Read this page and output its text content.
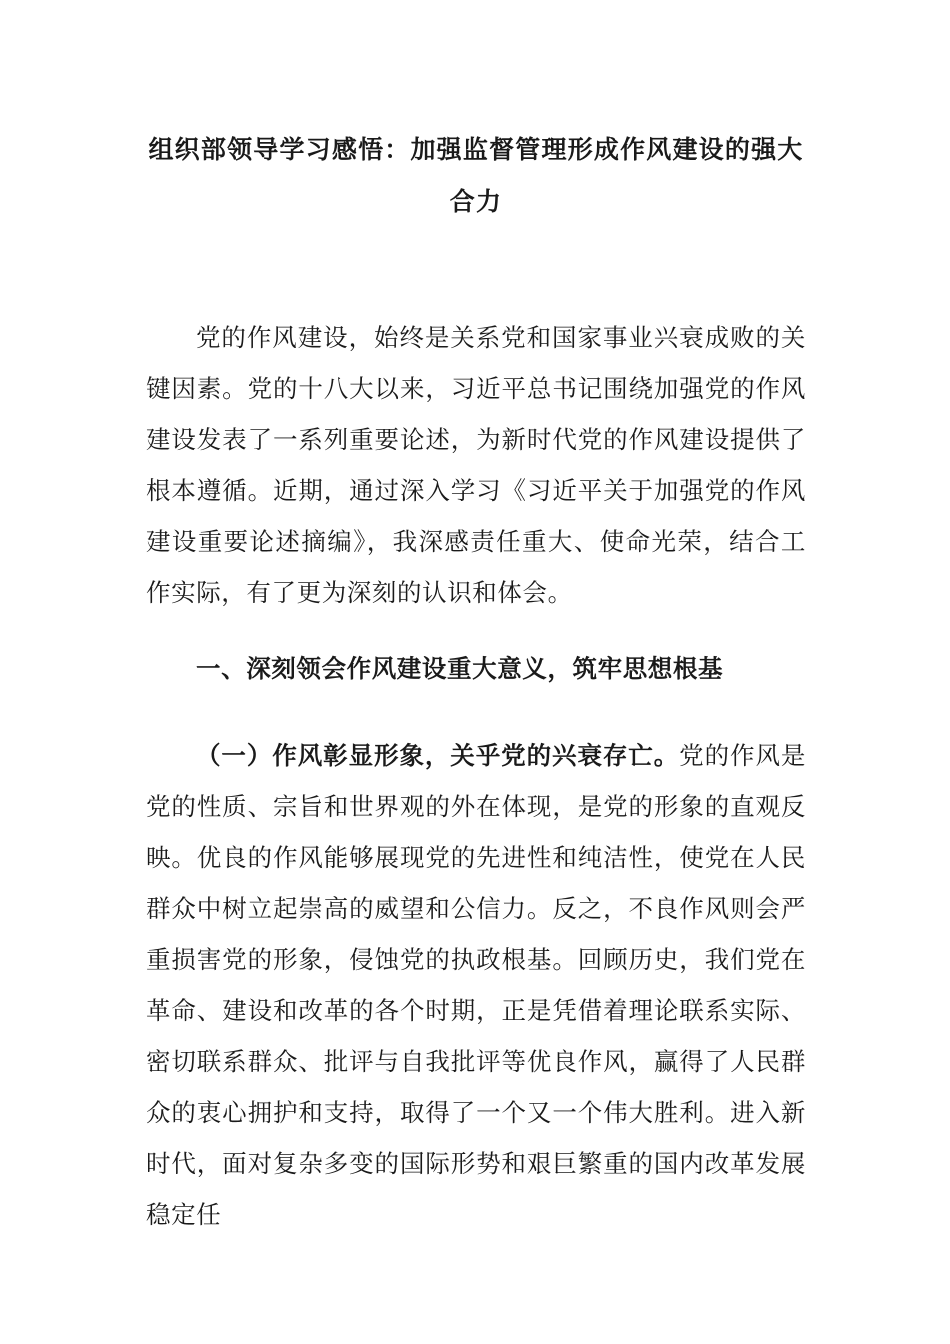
组织部领导学习感悟：加强监督管理形成作风建设的强大合力

党的作风建设，始终是关系党和国家事业兴衰成败的关键因素。党的十八大以来，习近平总书记围绕加强党的作风建设发表了一系列重要论述，为新时代党的作风建设提供了根本遵循。近期，通过深入学习《习近平关于加强党的作风建设重要论述摘编》，我深感责任重大、使命光荣，结合工作实际，有了更为深刻的认识和体会。

一、深刻领会作风建设重大意义，筑牢思想根基

（一）作风彰显形象，关乎党的兴衰存亡。党的作风是党的性质、宗旨和世界观的外在体现，是党的形象的直观反映。优良的作风能够展现党的先进性和纯洁性，使党在人民群众中树立起崇高的威望和公信力。反之，不良作风则会严重损害党的形象，侵蚀党的执政根基。回顾历史，我们党在革命、建设和改革的各个时期，正是凭借着理论联系实际、密切联系群众、批评与自我批评等优良作风，赢得了人民群众的衷心拥护和支持，取得了一个又一个伟大胜利。进入新时代，面对复杂多变的国际形势和艰巨繁重的国内改革发展稳定任
